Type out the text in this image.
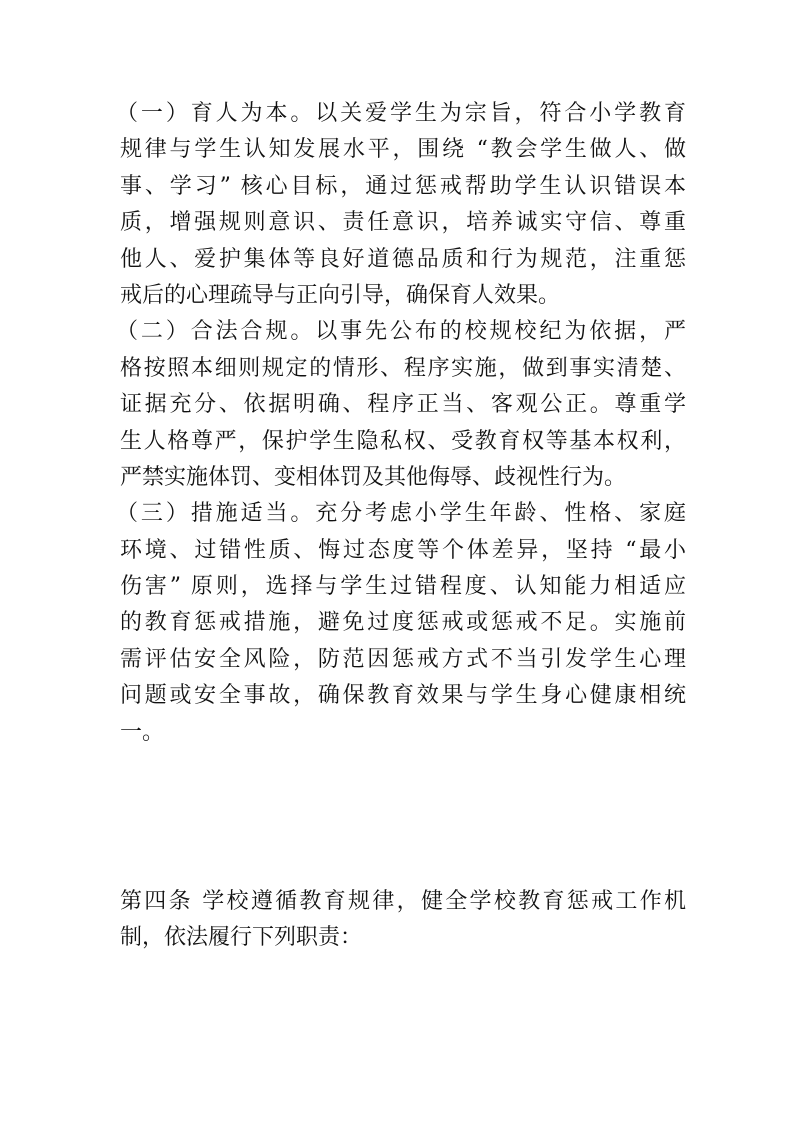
（一）育人为本。以关爱学生为宗旨，符合小学教育
规律与学生认知发展水平，围绕 “教会学生做人、做
事、学习” 核心目标，通过惩戒帮助学生认识错误本
质，增强规则意识、责任意识，培养诚实守信、尊重
他人、爱护集体等良好道德品质和行为规范，注重惩
戒后的心理疏导与正向引导，确保育人效果。
（二）合法合规。以事先公布的校规校纪为依据，严
格按照本细则规定的情形、程序实施，做到事实清楚、
证据充分、依据明确、程序正当、客观公正。尊重学
生人格尊严，保护学生隐私权、受教育权等基本权利，
严禁实施体罚、变相体罚及其他侮辱、歧视性行为。
（三）措施适当。充分考虑小学生年龄、性格、家庭
环境、过错性质、悔过态度等个体差异，坚持 “最小
伤害” 原则，选择与学生过错程度、认知能力相适应
的教育惩戒措施，避免过度惩戒或惩戒不足。实施前
需评估安全风险，防范因惩戒方式不当引发学生心理
问题或安全事故，确保教育效果与学生身心健康相统
一。
第四条 学校遵循教育规律，健全学校教育惩戒工作机
制，依法履行下列职责：
